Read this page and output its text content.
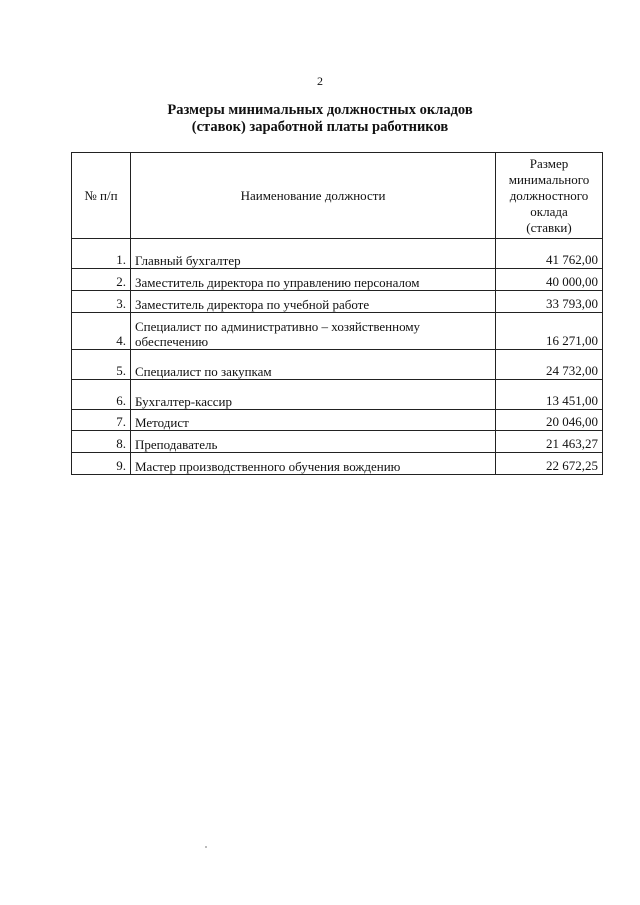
2
Размеры минимальных должностных окладов
(ставок) заработной платы работников
№ п/п	Наименование должности	Размер
минимального
должностного
оклада
(ставки)

1.	Главный бухгалтер	41 762,00
2.	Заместитель директора по управлению персоналом	40 000,00
3.	Заместитель директора по учебной работе	33 793,00
4.	Специалист по административно – хозяйственному
обеспечению	16 271,00
5.	Специалист по закупкам	24 732,00
6.	Бухгалтер-кассир	13 451,00
7.	Методист	20 046,00
8.	Преподаватель	21 463,27
9.	Мастер производственного обучения вождению	22 672,25
